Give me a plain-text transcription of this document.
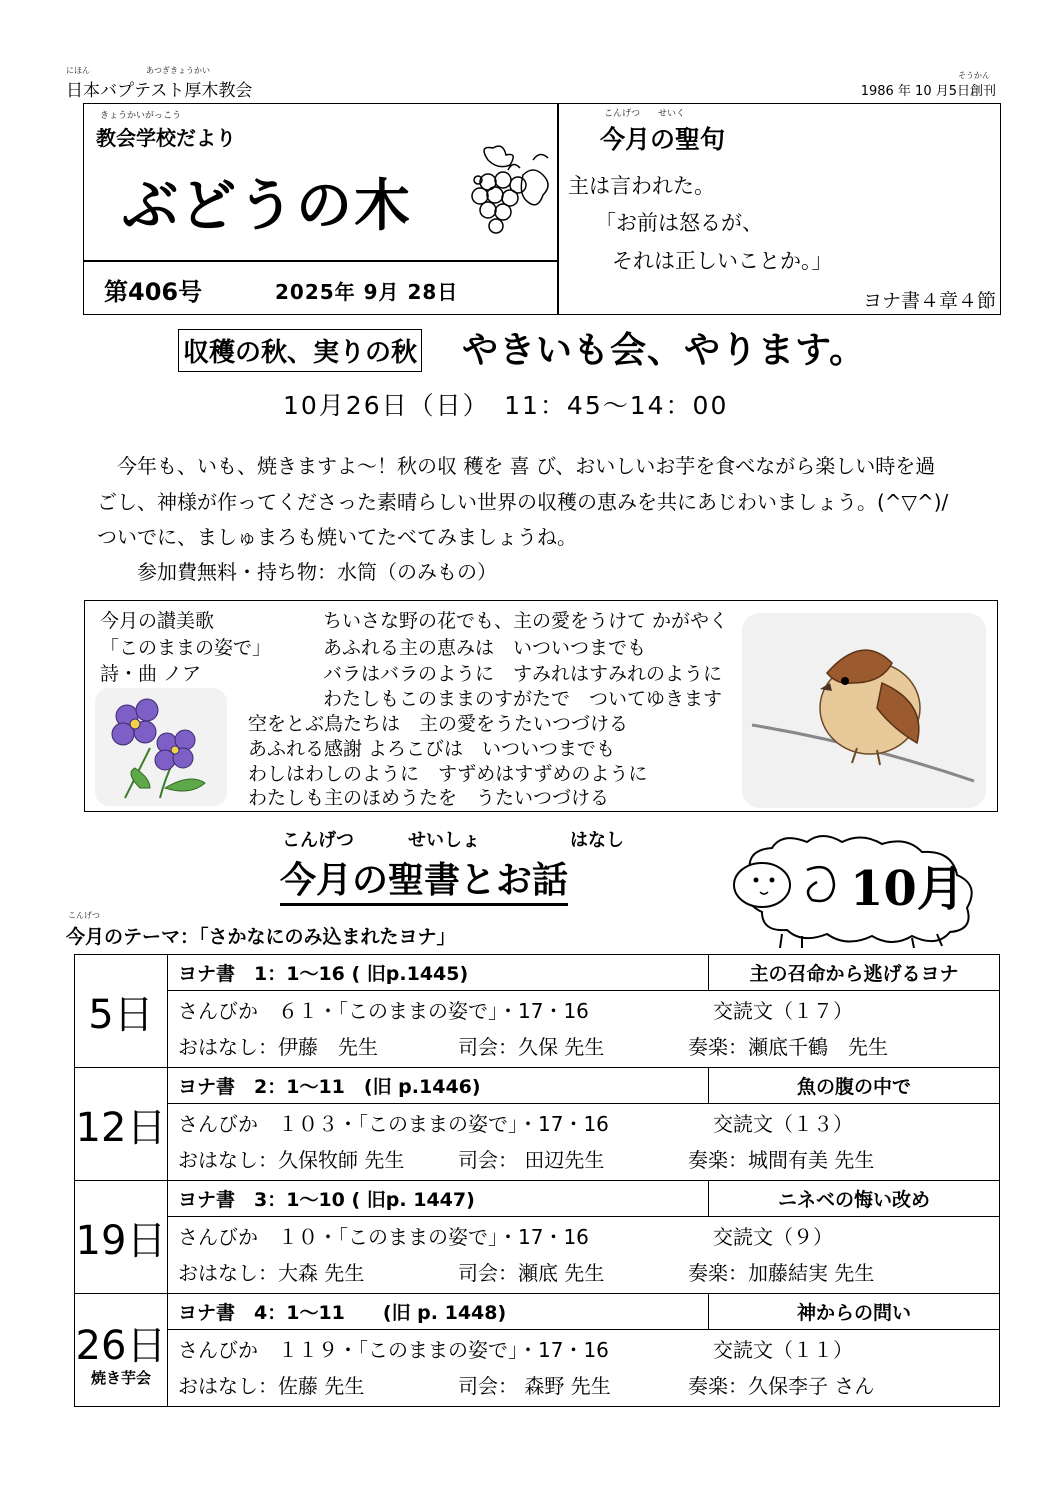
にほん　　　　　　　あつぎきょうかい
日本バプテスト厚木教会
そうかん
1986 年 10 月5日創刊
きょうかいがっこう
教会学校だより
ぶどうの木
第406号	2025年 9月 28日
こんげつ　　せいく
今月の聖句
主は言われた。
「お前は怒るが、
それは正しいことか。」
ヨナ書４章４節
収穫の秋、実りの秋 やきいも会、やります。
10月26日（日）　11：45～14：00
今年も、いも、焼きますよ～！秋の収 穫を 喜 び、おいしいお芋を食べながら楽しい時を過
ごし、神様が作ってくださった素晴らしい世界の収穫の恵みを共にあじわいましょう。(^▽^)/
ついでに、ましゅまろも焼いてたべてみましょうね。
参加費無料・持ち物：水筒（のみもの）
今月の讃美歌
「このままの姿で」
詩・曲 ノア
ちいさな野の花でも、主の愛をうけて かがやく
あふれる主の恵みは　いついつまでも
バラはバラのように　すみれはすみれのように
わたしもこのままのすがたで　ついてゆきます
空をとぶ鳥たちは　主の愛をうたいつづける
あふれる感謝 よろこびは　いついつまでも
わしはわしのように　すずめはすずめのように
わたしも主のほめうたを　うたいつづける
こんげつ　　　せいしょ　　　　　はなし
今月の聖書とお話	10月
こんげつ
今月のテーマ：「さかなにのみ込まれたヨナ」
5日	ヨナ書　1：1～16 ( 旧p.1445)	主の召命から逃げるヨナ

	さんびか　６１・「このままの姿で」・17・16 交読文（１７）
おはなし：伊藤　先生 司会：久保 先生 奏楽：瀬底千鶴　先生	

12日	ヨナ書　2：1～11　(旧 p.1446)	魚の腹の中で

	さんびか　１０３・「このままの姿で」・17・16 交読文（１３）
おはなし：久保牧師 先生 司会： 田辺先生 奏楽：城間有美 先生	

19日	ヨナ書　3：1～10 ( 旧p. 1447)	ニネベの悔い改め

	さんびか　１０・「このままの姿で」・17・16 交読文（９）
おはなし：大森 先生 司会：瀬底 先生 奏楽：加藤結実 先生	

26日
焼き芋会	ヨナ書　4：1～11　　(旧 p. 1448)	神からの問い

	さんびか　１１９・「このままの姿で」・17・16 交読文（１１）
おはなし：佐藤 先生 司会： 森野 先生 奏楽：久保李子 さん	
